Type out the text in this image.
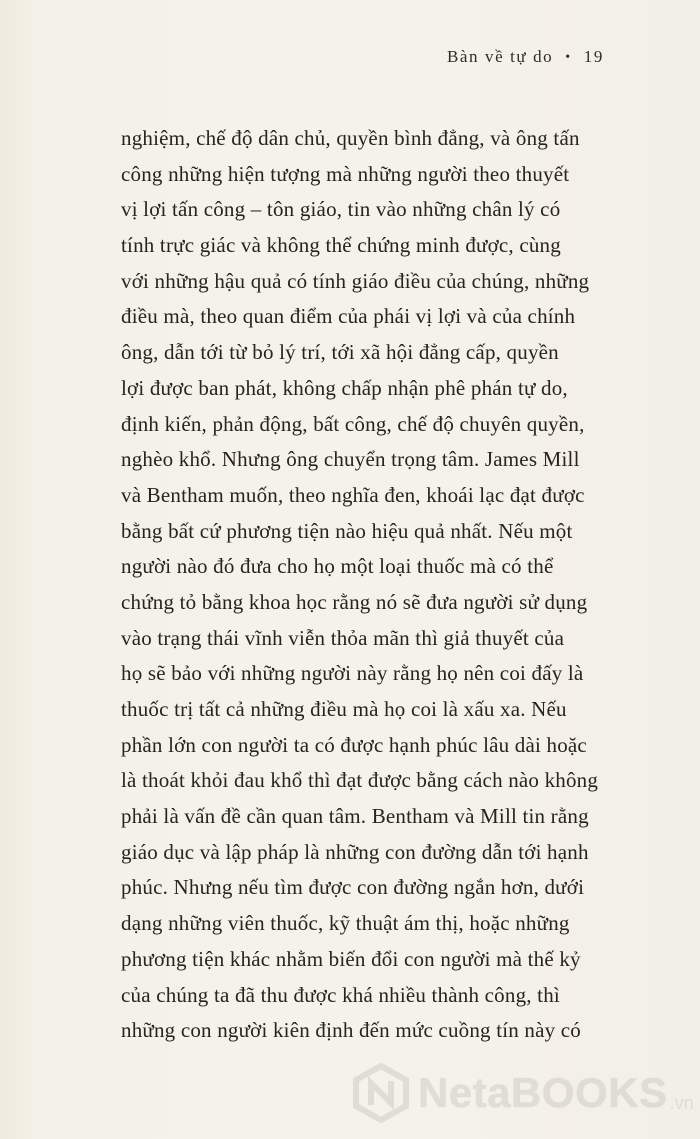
Bàn về tự do • 19
nghiệm, chế độ dân chủ, quyền bình đẳng, và ông tấn
công những hiện tượng mà những người theo thuyết
vị lợi tấn công – tôn giáo, tin vào những chân lý có
tính trực giác và không thể chứng minh được, cùng
với những hậu quả có tính giáo điều của chúng, những
điều mà, theo quan điểm của phái vị lợi và của chính
ông, dẫn tới từ bỏ lý trí, tới xã hội đẳng cấp, quyền
lợi được ban phát, không chấp nhận phê phán tự do,
định kiến, phản động, bất công, chế độ chuyên quyền,
nghèo khổ. Nhưng ông chuyển trọng tâm. James Mill
và Bentham muốn, theo nghĩa đen, khoái lạc đạt được
bằng bất cứ phương tiện nào hiệu quả nhất. Nếu một
người nào đó đưa cho họ một loại thuốc mà có thể
chứng tỏ bằng khoa học rằng nó sẽ đưa người sử dụng
vào trạng thái vĩnh viễn thỏa mãn thì giả thuyết của
họ sẽ bảo với những người này rằng họ nên coi đấy là
thuốc trị tất cả những điều mà họ coi là xấu xa. Nếu
phần lớn con người ta có được hạnh phúc lâu dài hoặc
là thoát khỏi đau khổ thì đạt được bằng cách nào không
phải là vấn đề cần quan tâm. Bentham và Mill tin rằng
giáo dục và lập pháp là những con đường dẫn tới hạnh
phúc. Nhưng nếu tìm được con đường ngắn hơn, dưới
dạng những viên thuốc, kỹ thuật ám thị, hoặc những
phương tiện khác nhằm biến đổi con người mà thế kỷ
của chúng ta đã thu được khá nhiều thành công, thì
những con người kiên định đến mức cuồng tín này có
NetaBOOKS .vn
